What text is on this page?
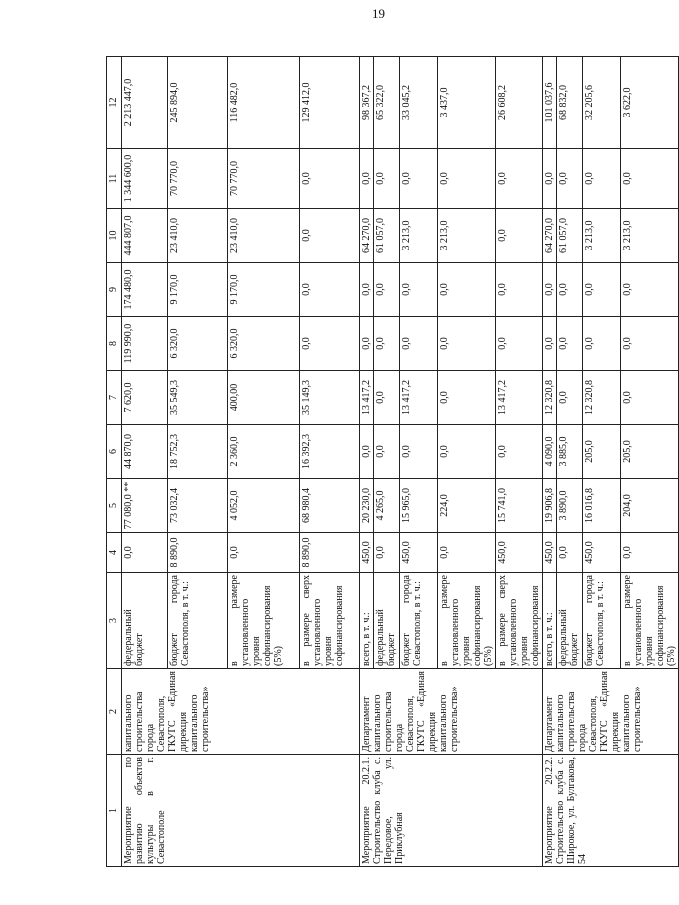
19
1	2	3	4	5	6	7	8	9	10	11	12
Мероприятие по развитию объектов культуры в г. Севастополе	капитального строительства города Севастополя, ГКУГС «Единая дирекция капитального строительства»	федеральный бюджет	0,0	77 080,0 **	44 870,0	7 620,0	119 990,0	174 480,0	444 807,0	1 344 600,0	2 213 447,0
		бюджет города Севастополя, в т. ч.:	8 890,0	73 032,4	18 752,3	35 549,3	6 320,0	9 170,0	23 410,0	70 770,0	245 894,0
		в размере установленного уровня софинансирования (5%)	0,0	4 052,0	2 360,0	400,00	6 320,0	9 170,0	23 410,0	70 770,0	116 482,0
		в размере сверх установленного уровня софинансирования	8 890,0	68 980,4	16 392,3	35 149,3	0,0	0,0	0,0	0,0	129 412,0
Мероприятие 20.2.1. Строительство клуба с. Передовое, ул. Приклубная	Департамент капитального строительства города Севастополя, ГКУГС «Единая дирекция капитального строительства»	всего, в т. ч.:	450,0	20 230,0	0,0	13 417,2	0,0	0,0	64 270,0	0,0	98 367,2
		федеральный бюджет	0,0	4 265,0	0,0	0,0	0,0	0,0	61 057,0	0,0	65 322,0
		бюджет города Севастополя, в т. ч.:	450,0	15 965,0	0,0	13 417,2	0,0	0,0	3 213,0	0,0	33 045,2
		в размере установленного уровня софинансирования (5%)	0,0	224,0	0,0	0,0	0,0	0,0	3 213,0	0,0	3 437,0
		в размере сверх установленного уровня софинансирования	450,0	15 741,0	0,0	13 417,2	0,0	0,0	0,0	0,0	26 608,2
Мероприятие 20.2.2. Строительство клуба с. Широкое, ул. Булгакова, 54	Департамент капитального строительства города Севастополя, ГКУГС «Единая дирекция капитального строительства»	всего, в т. ч.:	450,0	19 906,8	4 090,0	12 320,8	0,0	0,0	64 270,0	0,0	101 037,6
		федеральный бюджет	0,0	3 890,0	3 885,0	0,0	0,0	0,0	61 057,0	0,0	68 832,0
		бюджет города Севастополя, в т. ч.:	450,0	16 016,8	205,0	12 320,8	0,0	0,0	3 213,0	0,0	32 205,6
		в размере установленного уровня софинансирования (5%)	0,0	204,0	205,0	0,0	0,0	0,0	3 213,0	0,0	3 622,0
